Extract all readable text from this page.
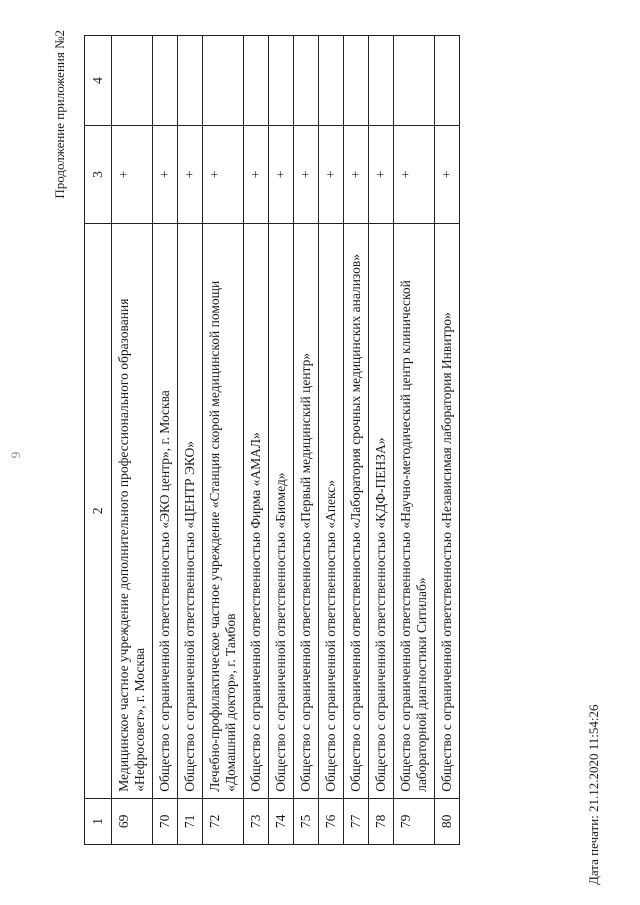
9
Продолжение приложения №2
1	2	3	4
69	Медицинское частное учреждение дополнительного профессионального образования «Нефросовет», г. Москва	+	
70	Общество с ограниченной ответственностью «ЭКО центр», г. Москва	+	
71	Общество с ограниченной ответственностью «ЦЕНТР ЭКО»	+	
72	Лечебно-профилактическое частное учреждение «Станция скорой медицинской помощи «Домашний доктор», г. Тамбов	+	
73	Общество с ограниченной ответственностью Фирма «АМАЛ»	+	
74	Общество с ограниченной ответственностью «Биомед»	+	
75	Общество с ограниченной ответственностью «Первый медицинский центр»	+	
76	Общество с ограниченной ответственностью «Апекс»	+	
77	Общество с ограниченной ответственностью «Лаборатория срочных медицинских анализов»	+	
78	Общество с ограниченной ответственностью «КДФ-ПЕНЗА»	+	
79	Общество с ограниченной ответственностью «Научно-методический центр клинической лабораторной диагностики Ситилаб»	+	
80	Общество с ограниченной ответственностью «Независимая лаборатория Инвитро»	+	
Дата печати: 21.12.2020 11:54:26
